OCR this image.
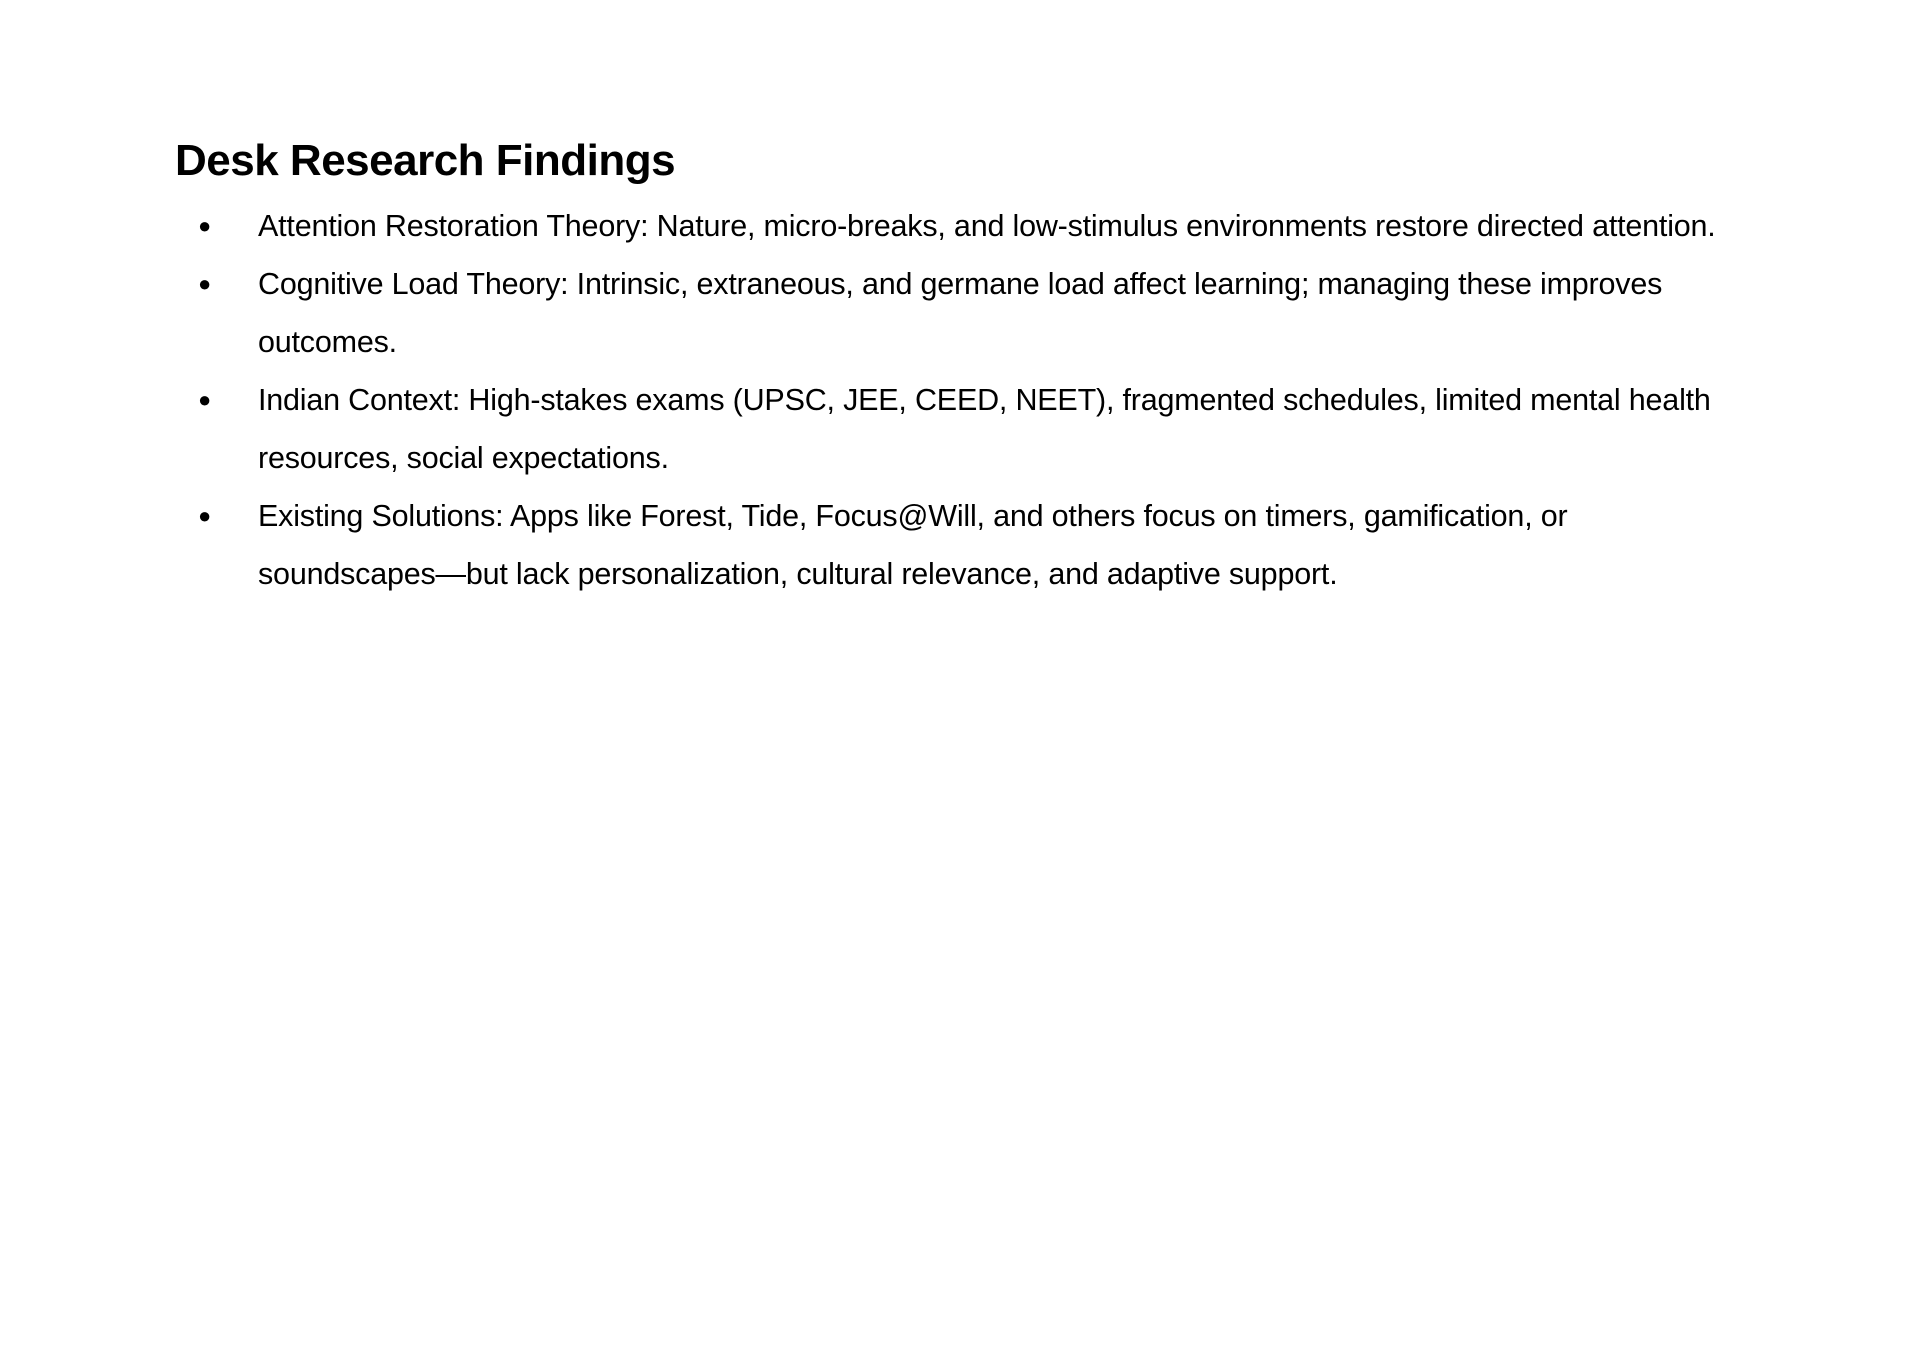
Desk Research Findings
● Attention Restoration Theory: Nature, micro-breaks, and low-stimulus environments restore directed attention.
● Cognitive Load Theory: Intrinsic, extraneous, and germane load affect learning; managing these improves outcomes.
● Indian Context: High-stakes exams (UPSC, JEE, CEED, NEET), fragmented schedules, limited mental health resources, social expectations.
● Existing Solutions: Apps like Forest, Tide, Focus@Will, and others focus on timers, gamification, or soundscapes—but lack personalization, cultural relevance, and adaptive support.
